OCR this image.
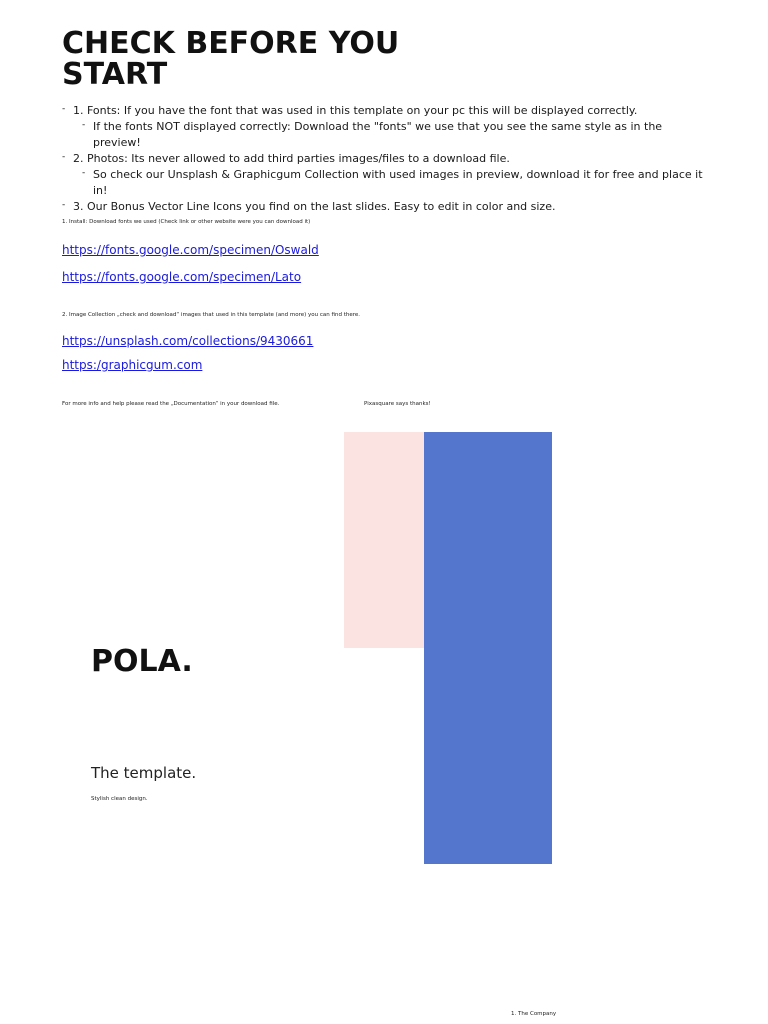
CHECK BEFORE YOU START
- 1. Fonts: If you have the font that was used in this template on your pc this will be displayed correctly.
- If the fonts NOT displayed correctly: Download the "fonts" we use that you see the same style as in the preview!
- 2. Photos: Its never allowed to add third parties images/files to a download file.
- So check our Unsplash & Graphicgum Collection with used images in preview, download it for free and place it in!
- 3. Our Bonus Vector Line Icons you find on the last slides. Easy to edit in color and size.
1. Install: Download fonts we used (Check link or other website were you can download it)
https://fonts.google.com/specimen/Oswald
https://fonts.google.com/specimen/Lato
2. Image Collection „check and download“ images that used in this template (and more) you can find there.
https://unsplash.com/collections/9430661
https:/graphicgum.com
For more info and help please read the „Documentation“ in your download file.	Pixasquare says thanks!
POLA.
The template.
Stylish clean design.
1. The Company
